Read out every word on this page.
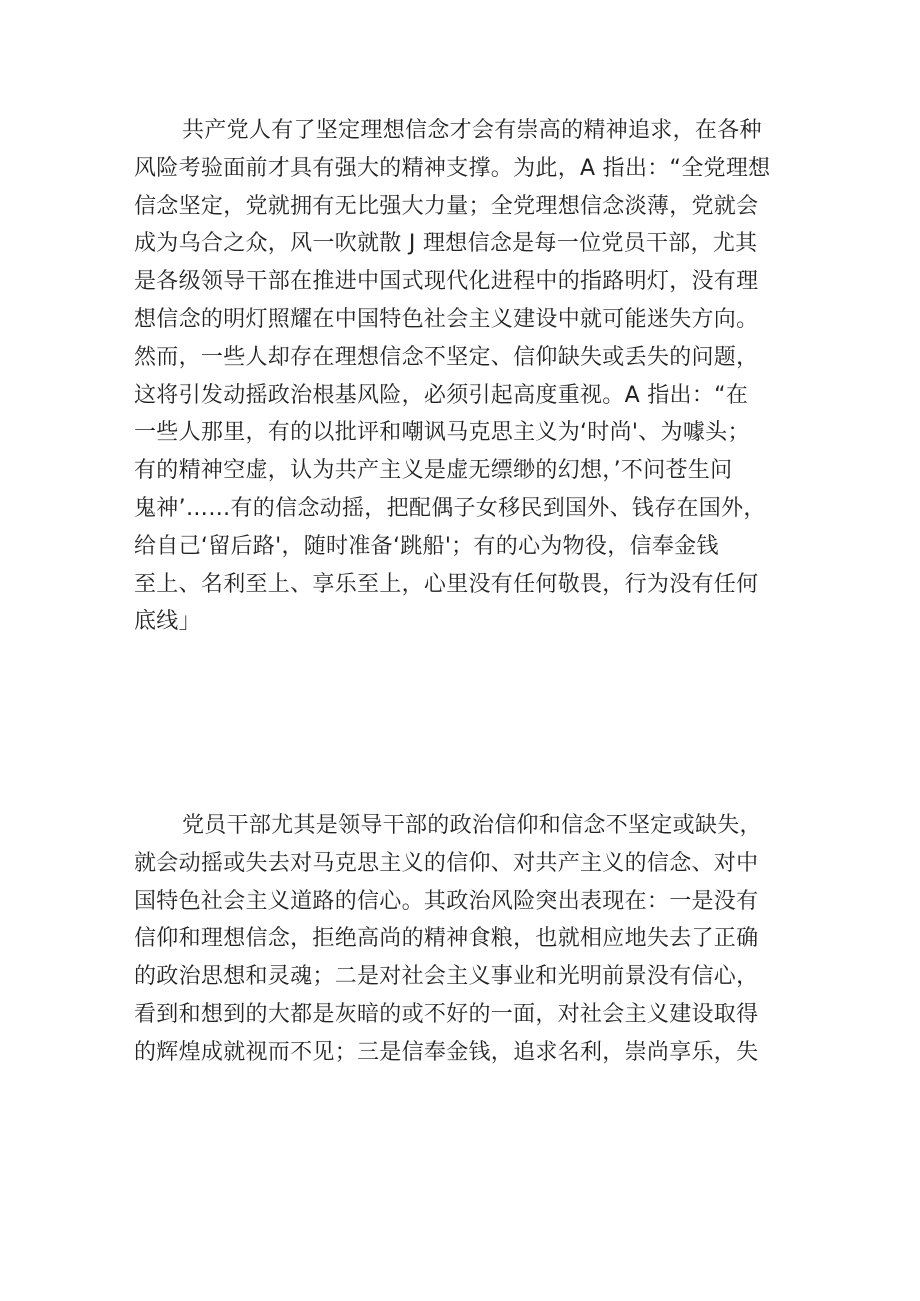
共产党人有了坚定理想信念才会有崇高的精神追求，在各种
风险考验面前才具有强大的精神支撑。为此，A 指出：“全党理想
信念坚定，党就拥有无比强大力量；全党理想信念淡薄，党就会
成为乌合之众，风一吹就散 J 理想信念是每一位党员干部，尤其
是各级领导干部在推进中国式现代化进程中的指路明灯，没有理
想信念的明灯照耀在中国特色社会主义建设中就可能迷失方向。
然而，一些人却存在理想信念不坚定、信仰缺失或丢失的问题，
这将引发动摇政治根基风险，必须引起高度重视。A 指出：“在
一些人那里，有的以批评和嘲讽马克思主义为‘时尚'、为噱头；
有的精神空虚，认为共产主义是虚无缥缈的幻想，’不问苍生问
鬼神’……有的信念动摇，把配偶子女移民到国外、钱存在国外，
给自己‘留后路'，随时准备‘跳船'；有的心为物役，信奉金钱
至上、名利至上、享乐至上，心里没有任何敬畏，行为没有任何
底线」
党员干部尤其是领导干部的政治信仰和信念不坚定或缺失，
就会动摇或失去对马克思主义的信仰、对共产主义的信念、对中
国特色社会主义道路的信心。其政治风险突出表现在：一是没有
信仰和理想信念，拒绝高尚的精神食粮，也就相应地失去了正确
的政治思想和灵魂；二是对社会主义事业和光明前景没有信心，
看到和想到的大都是灰暗的或不好的一面，对社会主义建设取得
的辉煌成就视而不见；三是信奉金钱，追求名利，崇尚享乐，失
